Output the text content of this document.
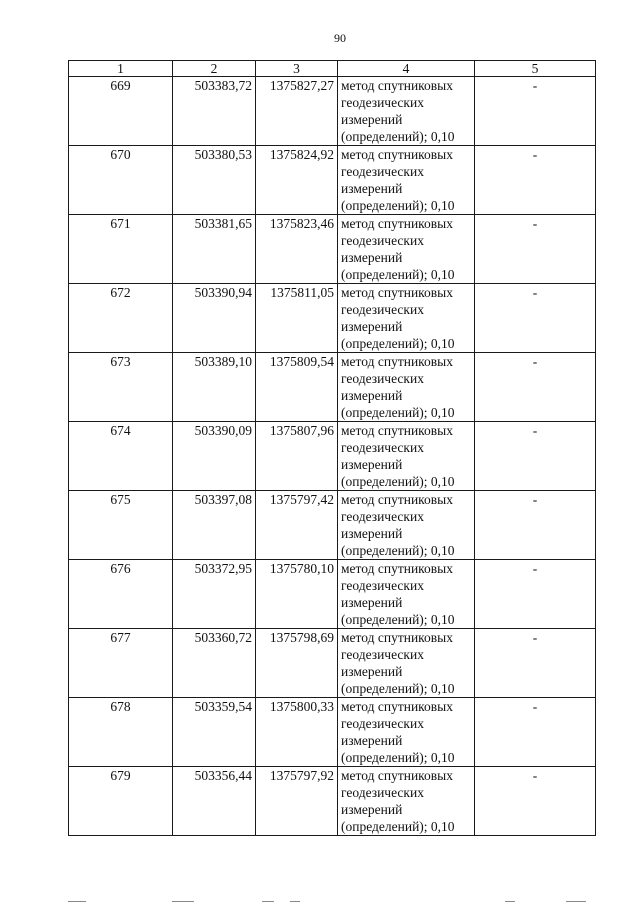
90
1	2	3	4	5
669	503383,72	1375827,27	метод спутниковых геодезических измерений (определений); 0,10	-
670	503380,53	1375824,92	метод спутниковых геодезических измерений (определений); 0,10	-
671	503381,65	1375823,46	метод спутниковых геодезических измерений (определений); 0,10	-
672	503390,94	1375811,05	метод спутниковых геодезических измерений (определений); 0,10	-
673	503389,10	1375809,54	метод спутниковых геодезических измерений (определений); 0,10	-
674	503390,09	1375807,96	метод спутниковых геодезических измерений (определений); 0,10	-
675	503397,08	1375797,42	метод спутниковых геодезических измерений (определений); 0,10	-
676	503372,95	1375780,10	метод спутниковых геодезических измерений (определений); 0,10	-
677	503360,72	1375798,69	метод спутниковых геодезических измерений (определений); 0,10	-
678	503359,54	1375800,33	метод спутниковых геодезических измерений (определений); 0,10	-
679	503356,44	1375797,92	метод спутниковых геодезических измерений (определений); 0,10	-
